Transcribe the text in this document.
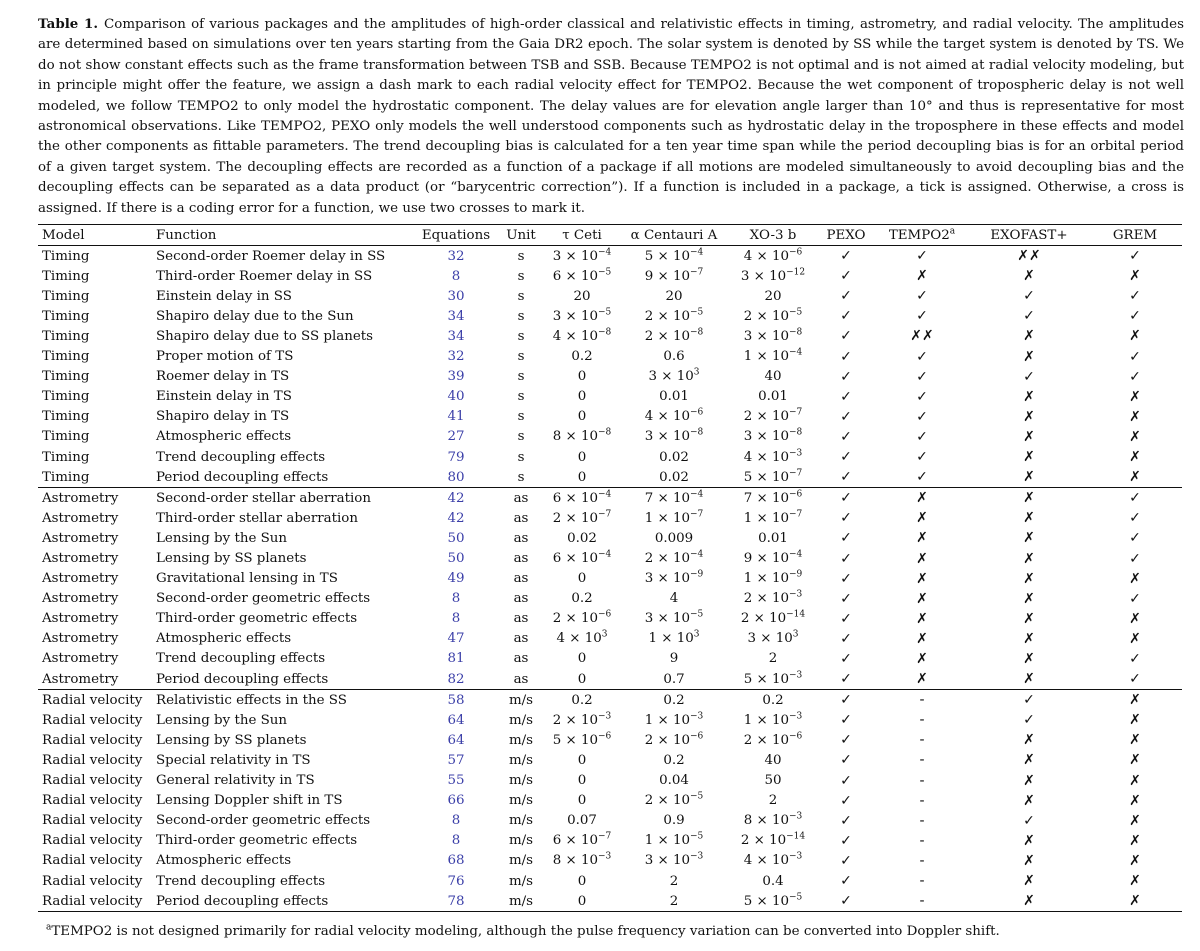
Table 1. Comparison of various packages and the amplitudes of high-order classical and relativistic effects in timing, astrometry, and radial velocity. The amplitudes are determined based on simulations over ten years starting from the Gaia DR2 epoch. The solar system is denoted by SS while the target system is denoted by TS. We do not show constant effects such as the frame transformation between TSB and SSB. Because TEMPO2 is not optimal and is not aimed at radial velocity modeling, but in principle might offer the feature, we assign a dash mark to each radial velocity effect for TEMPO2. Because the wet component of tropospheric delay is not well modeled, we follow TEMPO2 to only model the hydrostatic component. The delay values are for elevation angle larger than 10° and thus is representative for most astronomical observations. Like TEMPO2, PEXO only models the well understood components such as hydrostatic delay in the troposphere in these effects and model the other components as fittable parameters. The trend decoupling bias is calculated for a ten year time span while the period decoupling bias is for an orbital period of a given target system. The decoupling effects are recorded as a function of a package if all motions are modeled simultaneously to avoid decoupling bias and the decoupling effects can be separated as a data product (or “barycentric correction”). If a function is included in a package, a tick is assigned. Otherwise, a cross is assigned. If there is a coding error for a function, we use two crosses to mark it.

Model	Function	Equations	Unit	τ Ceti	α Centauri A	XO-3 b	PEXO	TEMPO2$^a$	EXOFAST+	GREM
Timing	Second-order Roemer delay in SS	32	s	$3 \times 10^{-4}$	$5 \times 10^{-4}$	$4 \times 10^{-6}$	✓	✓	✗✗	✓
Timing	Third-order Roemer delay in SS	8	s	$6 \times 10^{-5}$	$9 \times 10^{-7}$	$3 \times 10^{-12}$	✓	✗	✗	✗
Timing	Einstein delay in SS	30	s	20	20	20	✓	✓	✓	✓
Timing	Shapiro delay due to the Sun	34	s	$3 \times 10^{-5}$	$2 \times 10^{-5}$	$2 \times 10^{-5}$	✓	✓	✓	✓
Timing	Shapiro delay due to SS planets	34	s	$4 \times 10^{-8}$	$2 \times 10^{-8}$	$3 \times 10^{-8}$	✓	✗✗	✗	✗
Timing	Proper motion of TS	32	s	0.2	0.6	$1 \times 10^{-4}$	✓	✓	✗	✓
Timing	Roemer delay in TS	39	s	0	$3 \times 10^3$	40	✓	✓	✓	✓
Timing	Einstein delay in TS	40	s	0	0.01	0.01	✓	✓	✗	✗
Timing	Shapiro delay in TS	41	s	0	$4 \times 10^{-6}$	$2 \times 10^{-7}$	✓	✓	✗	✗
Timing	Atmospheric effects	27	s	$8 \times 10^{-8}$	$3 \times 10^{-8}$	$3 \times 10^{-8}$	✓	✓	✗	✗
Timing	Trend decoupling effects	79	s	0	0.02	$4 \times 10^{-3}$	✓	✓	✗	✗
Timing	Period decoupling effects	80	s	0	0.02	$5 \times 10^{-7}$	✓	✓	✗	✗
Astrometry	Second-order stellar aberration	42	as	$6 \times 10^{-4}$	$7 \times 10^{-4}$	$7 \times 10^{-6}$	✓	✗	✗	✓
Astrometry	Third-order stellar aberration	42	as	$2 \times 10^{-7}$	$1 \times 10^{-7}$	$1 \times 10^{-7}$	✓	✗	✗	✓
Astrometry	Lensing by the Sun	50	as	0.02	0.009	0.01	✓	✗	✗	✓
Astrometry	Lensing by SS planets	50	as	$6 \times 10^{-4}$	$2 \times 10^{-4}$	$9 \times 10^{-4}$	✓	✗	✗	✓
Astrometry	Gravitational lensing in TS	49	as	0	$3 \times 10^{-9}$	$1 \times 10^{-9}$	✓	✗	✗	✗
Astrometry	Second-order geometric effects	8	as	0.2	4	$2 \times 10^{-3}$	✓	✗	✗	✓
Astrometry	Third-order geometric effects	8	as	$2 \times 10^{-6}$	$3 \times 10^{-5}$	$2 \times 10^{-14}$	✓	✗	✗	✗
Astrometry	Atmospheric effects	47	as	$4 \times 10^3$	$1 \times 10^3$	$3 \times 10^3$	✓	✗	✗	✗
Astrometry	Trend decoupling effects	81	as	0	9	2	✓	✗	✗	✓
Astrometry	Period decoupling effects	82	as	0	0.7	$5 \times 10^{-3}$	✓	✗	✗	✓
Radial velocity	Relativistic effects in the SS	58	m/s	0.2	0.2	0.2	✓	-	✓	✗
Radial velocity	Lensing by the Sun	64	m/s	$2 \times 10^{-3}$	$1 \times 10^{-3}$	$1 \times 10^{-3}$	✓	-	✓	✗
Radial velocity	Lensing by SS planets	64	m/s	$5 \times 10^{-6}$	$2 \times 10^{-6}$	$2 \times 10^{-6}$	✓	-	✗	✗
Radial velocity	Special relativity in TS	57	m/s	0	0.2	40	✓	-	✗	✗
Radial velocity	General relativity in TS	55	m/s	0	0.04	50	✓	-	✗	✗
Radial velocity	Lensing Doppler shift in TS	66	m/s	0	$2 \times 10^{-5}$	2	✓	-	✗	✗
Radial velocity	Second-order geometric effects	8	m/s	0.07	0.9	$8 \times 10^{-3}$	✓	-	✓	✗
Radial velocity	Third-order geometric effects	8	m/s	$6 \times 10^{-7}$	$1 \times 10^{-5}$	$2 \times 10^{-14}$	✓	-	✗	✗
Radial velocity	Atmospheric effects	68	m/s	$8 \times 10^{-3}$	$3 \times 10^{-3}$	$4 \times 10^{-3}$	✓	-	✗	✗
Radial velocity	Trend decoupling effects	76	m/s	0	2	0.4	✓	-	✗	✗
Radial velocity	Period decoupling effects	78	m/s	0	2	$5 \times 10^{-5}$	✓	-	✗	✗
$^a$TEMPO2 is not designed primarily for radial velocity modeling, although the pulse frequency variation can be converted into Doppler shift.
